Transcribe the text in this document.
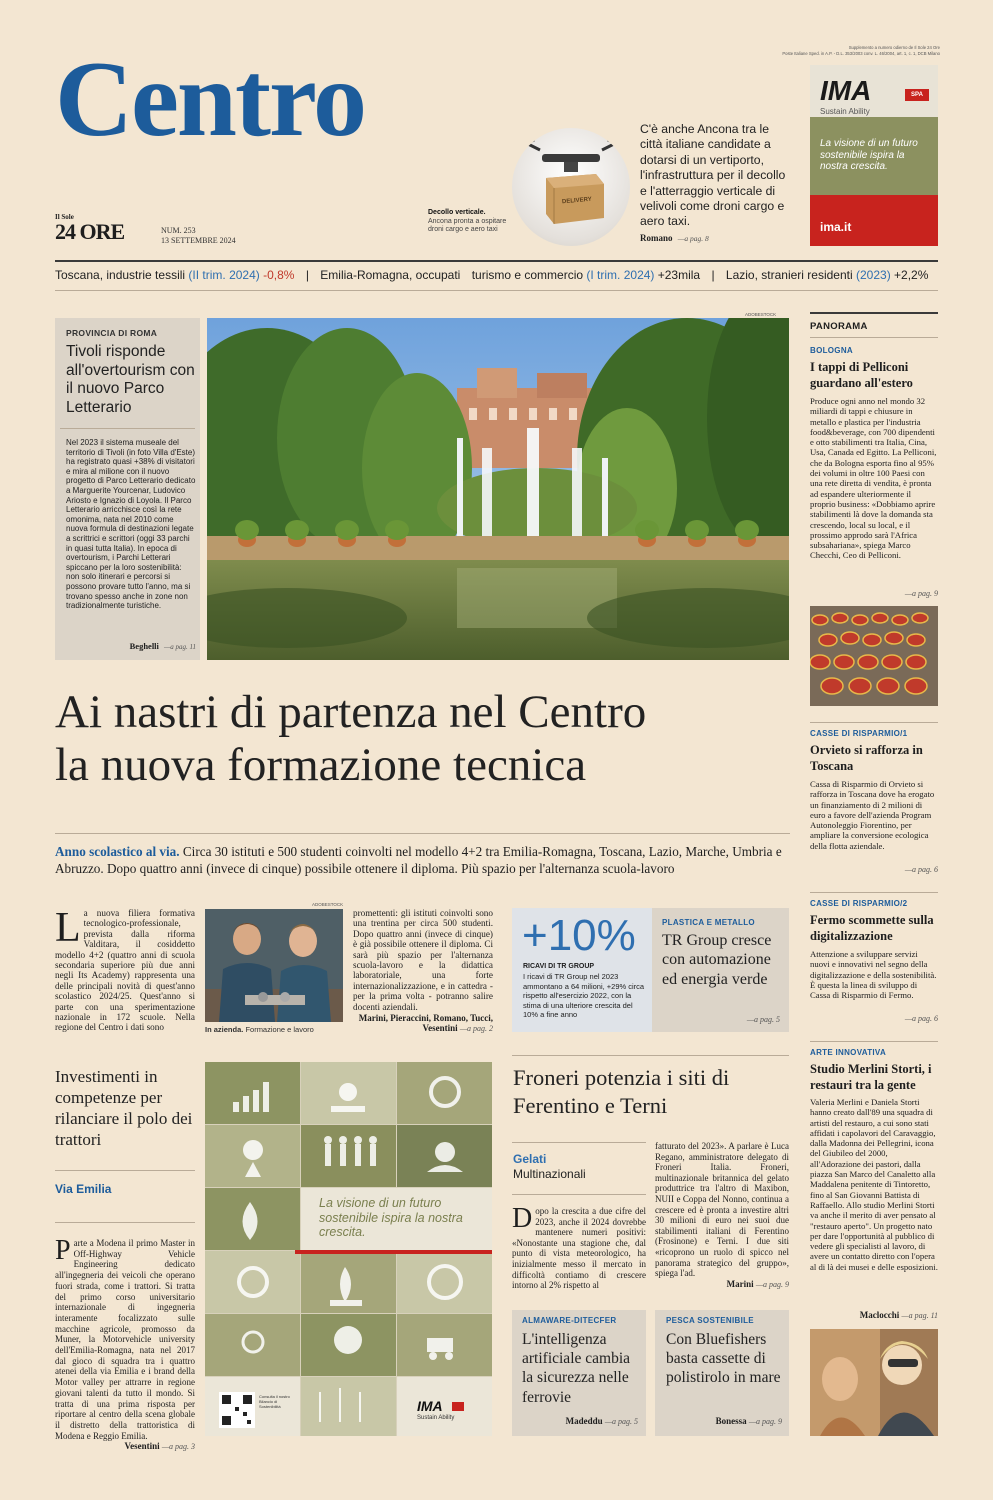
Centro	Supplemento a numero odierno de Il Sole 24 Ore
Poste Italiane Sped. in A.P. - D.L. 353/2003 conv. L. 46/2004, art. 1, c. 1, DCB Milano
Il Sole
24 ORE	NUM. 253
13 SETTEMBRE 2024
Decollo verticale.
Ancona pronta a ospitare droni cargo e aero taxi
DELIVERY
C'è anche Ancona tra le città italiane candidate a dotarsi di un vertiporto, l'infrastruttura per il decollo e l'atterraggio verticale di velivoli come droni cargo e aero taxi.
Romano —a pag. 8
IMA	SPA
Sustain Ability
La visione di un futuro sostenibile ispira la nostra crescita.
ima.it
Toscana, industrie tessili (II trim. 2024) -0,8% | Emilia-Romagna, occupati turismo e commercio (I trim. 2024) +23mila | Lazio, stranieri residenti (2023) +2,2%
PROVINCIA DI ROMA
Tivoli risponde all'overtourism con il nuovo Parco Letterario
Nel 2023 il sistema museale del territorio di Tivoli (in foto Villa d'Este) ha registrato quasi +38% di visitatori e mira al milione con il nuovo progetto di Parco Letterario dedicato a Marguerite Yourcenar, Ludovico Ariosto e Ignazio di Loyola. Il Parco Letterario arricchisce così la rete omonima, nata nel 2010 come nuova formula di destinazioni legate a scrittrici e scrittori (oggi 33 parchi in quasi tutta Italia). In epoca di overtourism, i Parchi Letterari spiccano per la loro sostenibilità: non solo itinerari e percorsi si possono provare tutto l'anno, ma si trovano spesso anche in zone non tradizionalmente turistiche.
Beghelli —a pag. 11
ADOBESTOCK
Ai nastri di partenza nel Centro
la nuova formazione tecnica
Anno scolastico al via. Circa 30 istituti e 500 studenti coinvolti nel modello 4+2 tra Emilia-Romagna, Toscana, Lazio, Marche, Umbria e Abruzzo. Dopo quattro anni (invece di cinque) possibile ottenere il diploma. Più spazio per l'alternanza scuola-lavoro

La nuova filiera formativa tecnologico-professionale, prevista dalla riforma Valditara, il cosiddetto modello 4+2 (quattro anni di scuola secondaria superiore più due anni negli Its Academy) rappresenta una delle principali novità di quest'anno scolastico 2024/25. Quest'anno si parte con una sperimentazione nazionale in 172 scuole. Nella regione del Centro i dati sono

ADOBESTOCK
In azienda. Formazione e lavoro

promettenti: gli istituti coinvolti sono una trentina per circa 500 studenti. Dopo quattro anni (invece di cinque) è già possibile ottenere il diploma. Ci sarà più spazio per l'alternanza scuola-lavoro e la didattica laboratoriale, una forte internazionalizzazione, e in cattedra - per la prima volta - potranno salire docenti aziendali.

Marini, Pieraccini, Romano, Tucci, Vesentini —a pag. 2
+10%
RICAVI DI TR GROUP
I ricavi di TR Group nel 2023 ammontano a 64 milioni, +29% circa rispetto all'esercizio 2022, con la stima di una ulteriore crescita del 10% a fine anno
PLASTICA E METALLO
TR Group cresce con automazione ed energia verde
—a pag. 5
Investimenti in competenze per rilanciare il polo dei trattori
Via Emilia

Parte a Modena il primo Master in Off-Highway Vehicle Engineering dedicato all'ingegneria dei veicoli che operano fuori strada, come i trattori. Si tratta del primo corso universitario internazionale di ingegneria interamente focalizzato sulle macchine agricole, promosso da Muner, la Motorvehicle university dell'Emilia-Romagna, nata nel 2017 dal gioco di squadra tra i quattro atenei della via Emilia e i brand della Motor valley per attrarre in regione giovani talenti da tutto il mondo. Si tratta di una prima risposta per riportare al centro della scena globale il distretto della trattoristica di Modena e Reggio Emilia.

Vesentini —a pag. 3
La visione di un futuro sostenibile ispira la nostra crescita.
Consulta il nostro Bilancio di Sostenibilità	IMA
Sustain Ability
Froneri potenzia i siti di Ferentino e Terni
Gelati
Multinazionali

Dopo la crescita a due cifre del 2023, anche il 2024 dovrebbe mantenere numeri positivi: «Nonostante una stagione che, dal punto di vista meteorologico, ha inizialmente messo il mercato in difficoltà contiamo di crescere intorno al 2% rispetto al

fatturato del 2023». A parlare è Luca Regano, amministratore delegato di Froneri Italia. Froneri, multinazionale britannica del gelato produttrice tra l'altro di Maxibon, NUII e Coppa del Nonno, continua a crescere ed è pronta a investire altri 30 milioni di euro nei suoi due stabilimenti italiani di Ferentino (Frosinone) e Terni. I due siti «ricoprono un ruolo di spicco nel panorama strategico del gruppo», spiega l'ad.

Marini —a pag. 9
ALMAWARE-DITECFER
L'intelligenza artificiale cambia la sicurezza nelle ferrovie
Madeddu —a pag. 5
PESCA SOSTENIBILE
Con Bluefishers basta cassette di polistirolo in mare
Bonessa —a pag. 9
PANORAMA
BOLOGNA
I tappi di Pelliconi guardano all'estero
Produce ogni anno nel mondo 32 miliardi di tappi e chiusure in metallo e plastica per l'industria food&beverage, con 700 dipendenti e otto stabilimenti tra Italia, Cina, Usa, Canada ed Egitto. La Pelliconi, che da Bologna esporta fino al 95% dei volumi in oltre 100 Paesi con una rete diretta di vendita, è pronta ad espandere ulteriormente il proprio business: «Dobbiamo aprire stabilimenti là dove la domanda sta crescendo, local su local, e il prossimo approdo sarà l'Africa subsahariana», spiega Marco Checchi, Ceo di Pelliconi.
—a pag. 9
CASSE DI RISPARMIO/1
Orvieto si rafforza in Toscana
Cassa di Risparmio di Orvieto si rafforza in Toscana dove ha erogato un finanziamento di 2 milioni di euro a favore dell'azienda Program Autonoleggio Fiorentino, per ampliare la conversione ecologica della flotta aziendale.
—a pag. 6
CASSE DI RISPARMIO/2
Fermo scommette sulla digitalizzazione
Attenzione a sviluppare servizi nuovi e innovativi nel segno della digitalizzazione e della sostenibilità. È questa la linea di sviluppo di Cassa di Risparmio di Fermo.
—a pag. 6
ARTE INNOVATIVA
Studio Merlini Storti, i restauri tra la gente
Valeria Merlini e Daniela Storti hanno creato dall'89 una squadra di artisti del restauro, a cui sono stati affidati i capolavori del Caravaggio, dalla Madonna dei Pellegrini, icona del Giubileo del 2000, all'Adorazione dei pastori, dalla piazza San Marco del Canaletto alla Maddalena penitente di Tintoretto, fino al San Giovanni Battista di Raffaello. Allo studio Merlini Storti va anche il merito di aver pensato al "restauro aperto". Un progetto nato per dare l'opportunità al pubblico di vedere gli specialisti al lavoro, di avere un contatto diretto con l'opera al di là dei musei e delle esposizioni.
Maclocchi —a pag. 11
